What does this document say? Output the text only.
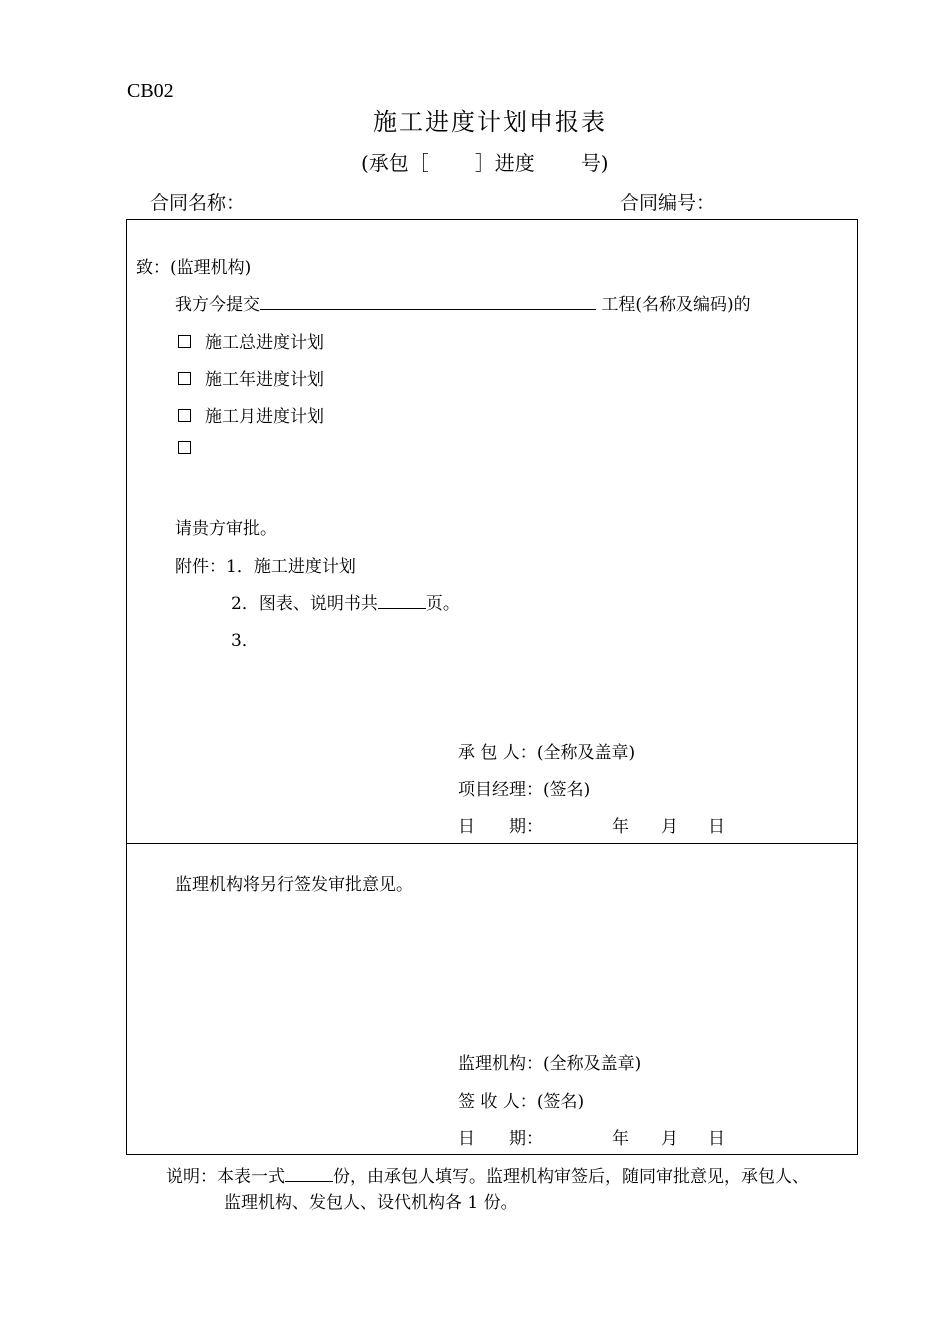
CB02
施工进度计划申报表
(承包［ ］进度 号)
合同名称：	合同编号：
致：(监理机构)
我方今提交	工程(名称及编码)的
施工总进度计划
施工年进度计划
施工月进度计划
请贵方审批。
附件：1．施工进度计划
2．图表、说明书共	页。
3．
承 包 人：(全称及盖章)
项目经理：(签名)
日　　期：	年 月 日
监理机构将另行签发审批意见。
监理机构：(全称及盖章)
签 收 人：(签名)
日　　期：	年 月 日
说明：本表一式	份，由承包人填写。监理机构审签后，随同审批意见，承包人、
监理机构、发包人、设代机构各 1 份。
